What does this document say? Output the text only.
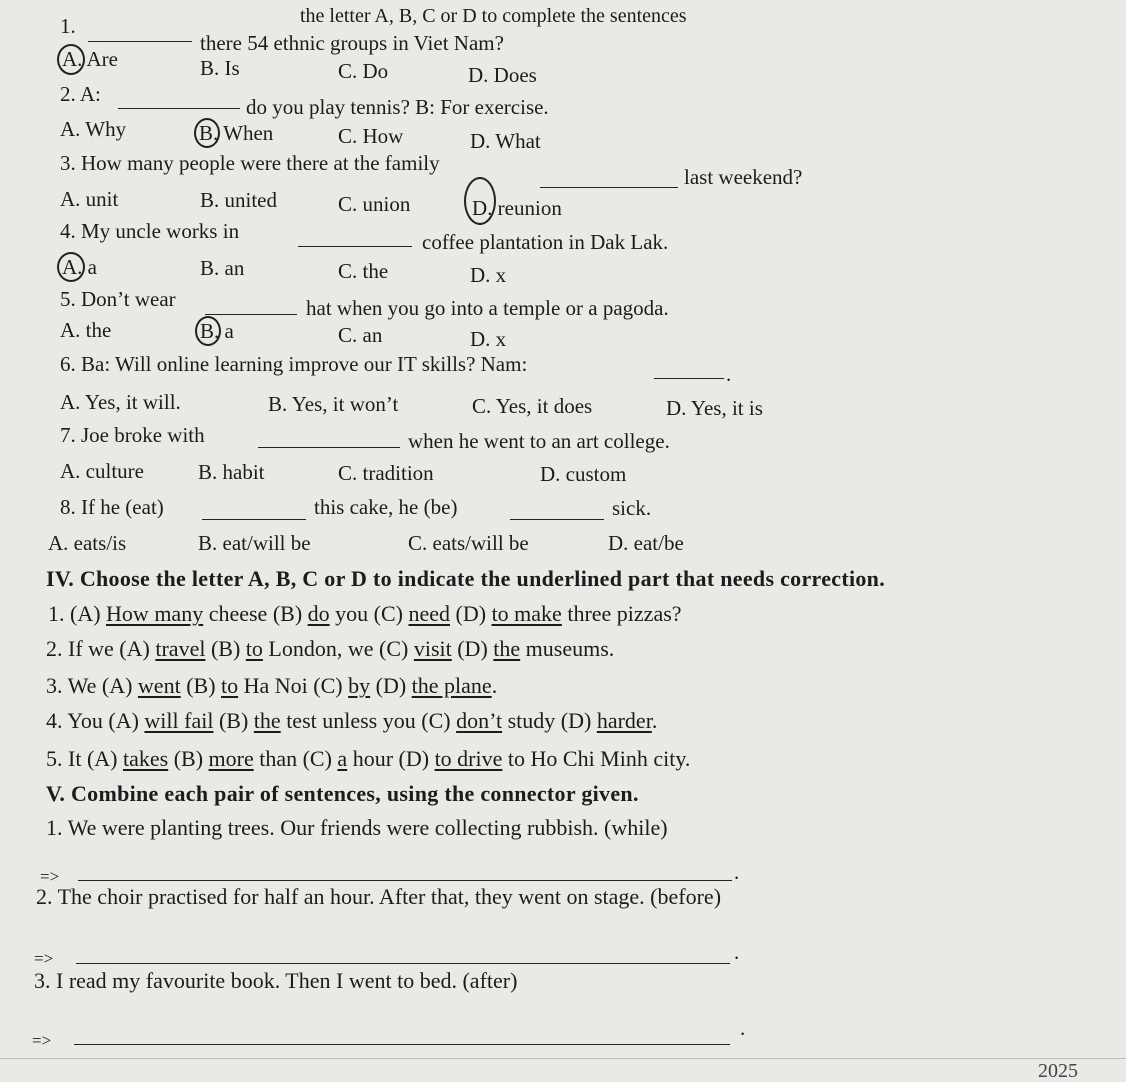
the letter A, B, C or D to complete the sentences
1.
there 54 ethnic groups in Viet Nam?
A. Are	B. Is	C. Do	D. Does
2. A:
do you play tennis? B: For exercise.
A. Why	B. When	C. How	D. What
3. How many people were there at the family
last weekend?
A. unit	B. united	C. union	D. reunion
4. My uncle works in	coffee plantation in Dak Lak.
A. a	B. an	C. the	D. x
5. Don’t wear	hat when you go into a temple or a pagoda.
A. the	B. a	C. an	D. x
6. Ba: Will online learning improve our IT skills? Nam:	.
A. Yes, it will.	B. Yes, it won’t	C. Yes, it does	D. Yes, it is
7. Joe broke with	when he went to an art college.
A. culture	B. habit	C. tradition	D. custom
8. If he (eat)	this cake, he (be)	sick.
A. eats/is	B. eat/will be	C. eats/will be	D. eat/be
IV. Choose the letter A, B, C or D to indicate the underlined part that needs correction.
1. (A) How many cheese (B) do you (C) need (D) to make three pizzas?
2. If we (A) travel (B) to London, we (C) visit (D) the museums.
3. We (A) went (B) to Ha Noi (C) by (D) the plane.
4. You (A) will fail (B) the test unless you (C) don’t study (D) harder.
5. It (A) takes (B) more than (C) a hour (D) to drive to Ho Chi Minh city.
V. Combine each pair of sentences, using the connector given.
1. We were planting trees. Our friends were collecting rubbish. (while)
=>	.
2. The choir practised for half an hour. After that, they went on stage. (before)
=>	.
3. I read my favourite book. Then I went to bed. (after)
=>
.
2025
